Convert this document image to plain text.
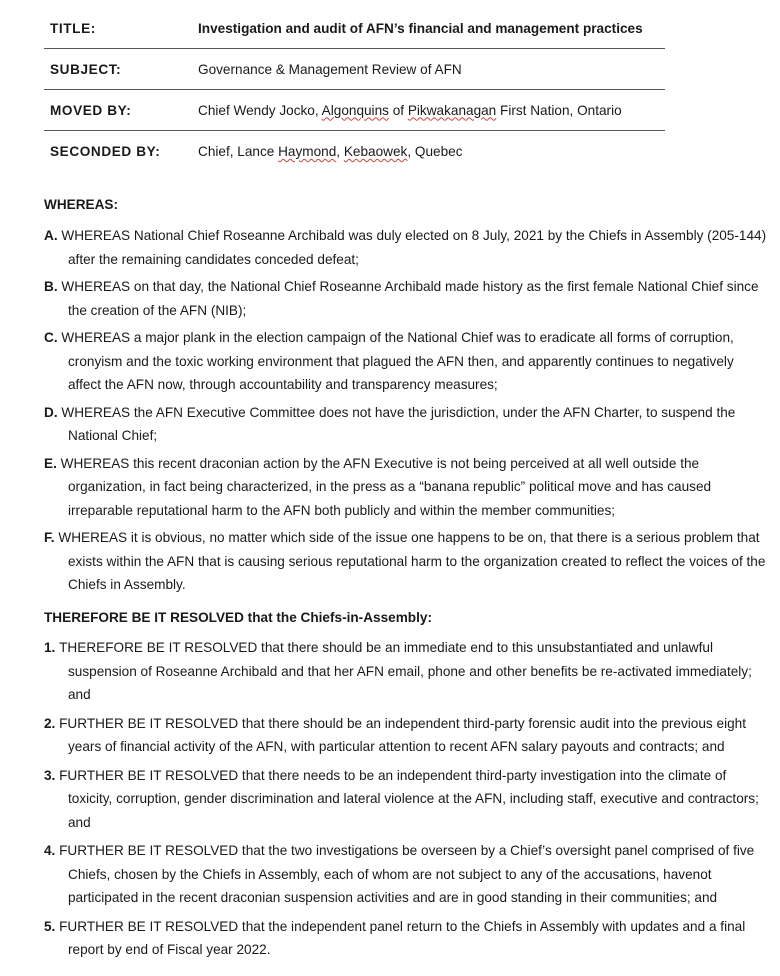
TITLE:	Investigation and audit of AFN’s financial and management practices
SUBJECT:	Governance & Management Review of AFN
MOVED BY:	Chief Wendy Jocko, Algonquins of Pikwakanagan First Nation, Ontario
SECONDED BY:	Chief, Lance Haymond, Kebaowek, Quebec
WHEREAS:
A. WHEREAS National Chief Roseanne Archibald was duly elected on 8 July, 2021 by the Chiefs in Assembly (205-144)
after the remaining candidates conceded defeat;
B. WHEREAS on that day, the National Chief Roseanne Archibald made history as the first female National Chief since
the creation of the AFN (NIB);
C. WHEREAS a major plank in the election campaign of the National Chief was to eradicate all forms of corruption,
cronyism and the toxic working environment that plagued the AFN then, and apparently continues to negatively
affect the AFN now, through accountability and transparency measures;
D. WHEREAS the AFN Executive Committee does not have the jurisdiction, under the AFN Charter, to suspend the
National Chief;
E. WHEREAS this recent draconian action by the AFN Executive is not being perceived at all well outside the
organization, in fact being characterized, in the press as a “banana republic” political move and has caused
irreparable reputational harm to the AFN both publicly and within the member communities;
F. WHEREAS it is obvious, no matter which side of the issue one happens to be on, that there is a serious problem that
exists within the AFN that is causing serious reputational harm to the organization created to reflect the voices of the
Chiefs in Assembly.
THEREFORE BE IT RESOLVED that the Chiefs-in-Assembly:
1. THEREFORE BE IT RESOLVED that there should be an immediate end to this unsubstantiated and unlawful
suspension of Roseanne Archibald and that her AFN email, phone and other benefits be re-activated immediately;
and
2. FURTHER BE IT RESOLVED that there should be an independent third-party forensic audit into the previous eight
years of financial activity of the AFN, with particular attention to recent AFN salary payouts and contracts; and
3. FURTHER BE IT RESOLVED that there needs to be an independent third-party investigation into the climate of
toxicity, corruption, gender discrimination and lateral violence at the AFN, including staff, executive and contractors;
and
4. FURTHER BE IT RESOLVED that the two investigations be overseen by a Chief’s oversight panel comprised of five
Chiefs, chosen by the Chiefs in Assembly, each of whom are not subject to any of the accusations, havenot
participated in the recent draconian suspension activities and are in good standing in their communities; and
5. FURTHER BE IT RESOLVED that the independent panel return to the Chiefs in Assembly with updates and a final
report by end of Fiscal year 2022.
